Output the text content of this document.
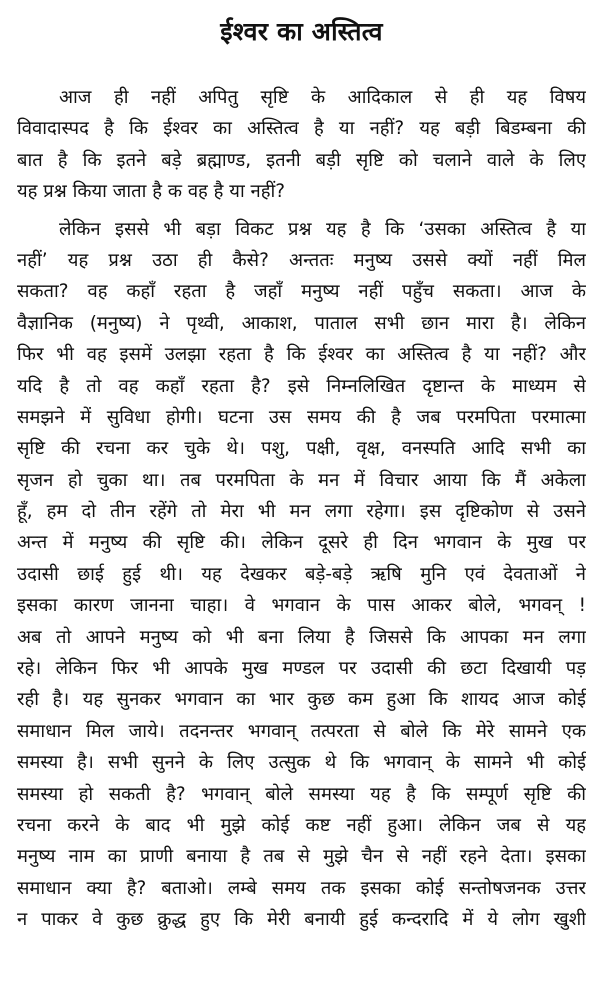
ईश्वर का अस्तित्व
आज ही नहीं अपितु सृष्टि के आदिकाल से ही यह विषय
विवादास्पद है कि ईश्वर का अस्तित्व है या नहीं? यह बड़ी बिडम्बना की
बात है कि इतने बड़े ब्रह्माण्ड, इतनी बड़ी सृष्टि को चलाने वाले के लिए
यह प्रश्न किया जाता है क वह है या नहीं?
लेकिन इससे भी बड़ा विकट प्रश्न यह है कि ‘उसका अस्तित्व है या
नहीं’ यह प्रश्न उठा ही कैसे? अन्ततः मनुष्य उससे क्यों नहीं मिल
सकता? वह कहाँ रहता है जहाँ मनुष्य नहीं पहुँच सकता। आज के
वैज्ञानिक (मनुष्य) ने पृथ्वी, आकाश, पाताल सभी छान मारा है। लेकिन
फिर भी वह इसमें उलझा रहता है कि ईश्वर का अस्तित्व है या नहीं? और
यदि है तो वह कहाँ रहता है? इसे निम्नलिखित दृष्टान्त के माध्यम से
समझने में सुविधा होगी। घटना उस समय की है जब परमपिता परमात्मा
सृष्टि की रचना कर चुके थे। पशु, पक्षी, वृक्ष, वनस्पति आदि सभी का
सृजन हो चुका था। तब परमपिता के मन में विचार आया कि मैं अकेला
हूँ, हम दो तीन रहेंगे तो मेरा भी मन लगा रहेगा। इस दृष्टिकोण से उसने
अन्त में मनुष्य की सृष्टि की। लेकिन दूसरे ही दिन भगवान के मुख पर
उदासी छाई हुई थी। यह देखकर बड़े-बड़े ऋषि मुनि एवं देवताओं ने
इसका कारण जानना चाहा। वे भगवान के पास आकर बोले, भगवन् !
अब तो आपने मनुष्य को भी बना लिया है जिससे कि आपका मन लगा
रहे। लेकिन फिर भी आपके मुख मण्डल पर उदासी की छटा दिखायी पड़
रही है। यह सुनकर भगवान का भार कुछ कम हुआ कि शायद आज कोई
समाधान मिल जाये। तदनन्तर भगवान् तत्परता से बोले कि मेरे सामने एक
समस्या है। सभी सुनने के लिए उत्सुक थे कि भगवान् के सामने भी कोई
समस्या हो सकती है? भगवान् बोले समस्या यह है कि सम्पूर्ण सृष्टि की
रचना करने के बाद भी मुझे कोई कष्ट नहीं हुआ। लेकिन जब से यह
मनुष्य नाम का प्राणी बनाया है तब से मुझे चैन से नहीं रहने देता। इसका
समाधान क्या है? बताओ। लम्बे समय तक इसका कोई सन्तोषजनक उत्तर
न पाकर वे कुछ क्रुद्ध हुए कि मेरी बनायी हुई कन्दरादि में ये लोग खुशी
